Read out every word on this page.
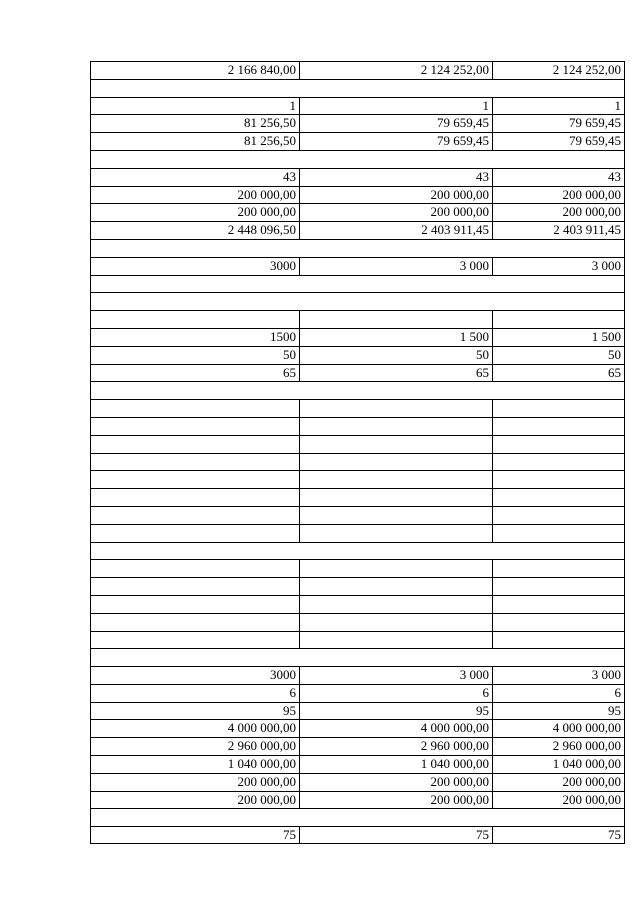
2 166 840,00	2 124 252,00	2 124 252,00
1	1	1
81 256,50	79 659,45	79 659,45
81 256,50	79 659,45	79 659,45
43	43	43
200 000,00	200 000,00	200 000,00
200 000,00	200 000,00	200 000,00
2 448 096,50	2 403 911,45	2 403 911,45
3000	3 000	3 000
1500	1 500	1 500
50	50	50
65	65	65
3000	3 000	3 000
6	6	6
95	95	95
4 000 000,00	4 000 000,00	4 000 000,00
2 960 000,00	2 960 000,00	2 960 000,00
1 040 000,00	1 040 000,00	1 040 000,00
200 000,00	200 000,00	200 000,00
200 000,00	200 000,00	200 000,00
75	75	75
